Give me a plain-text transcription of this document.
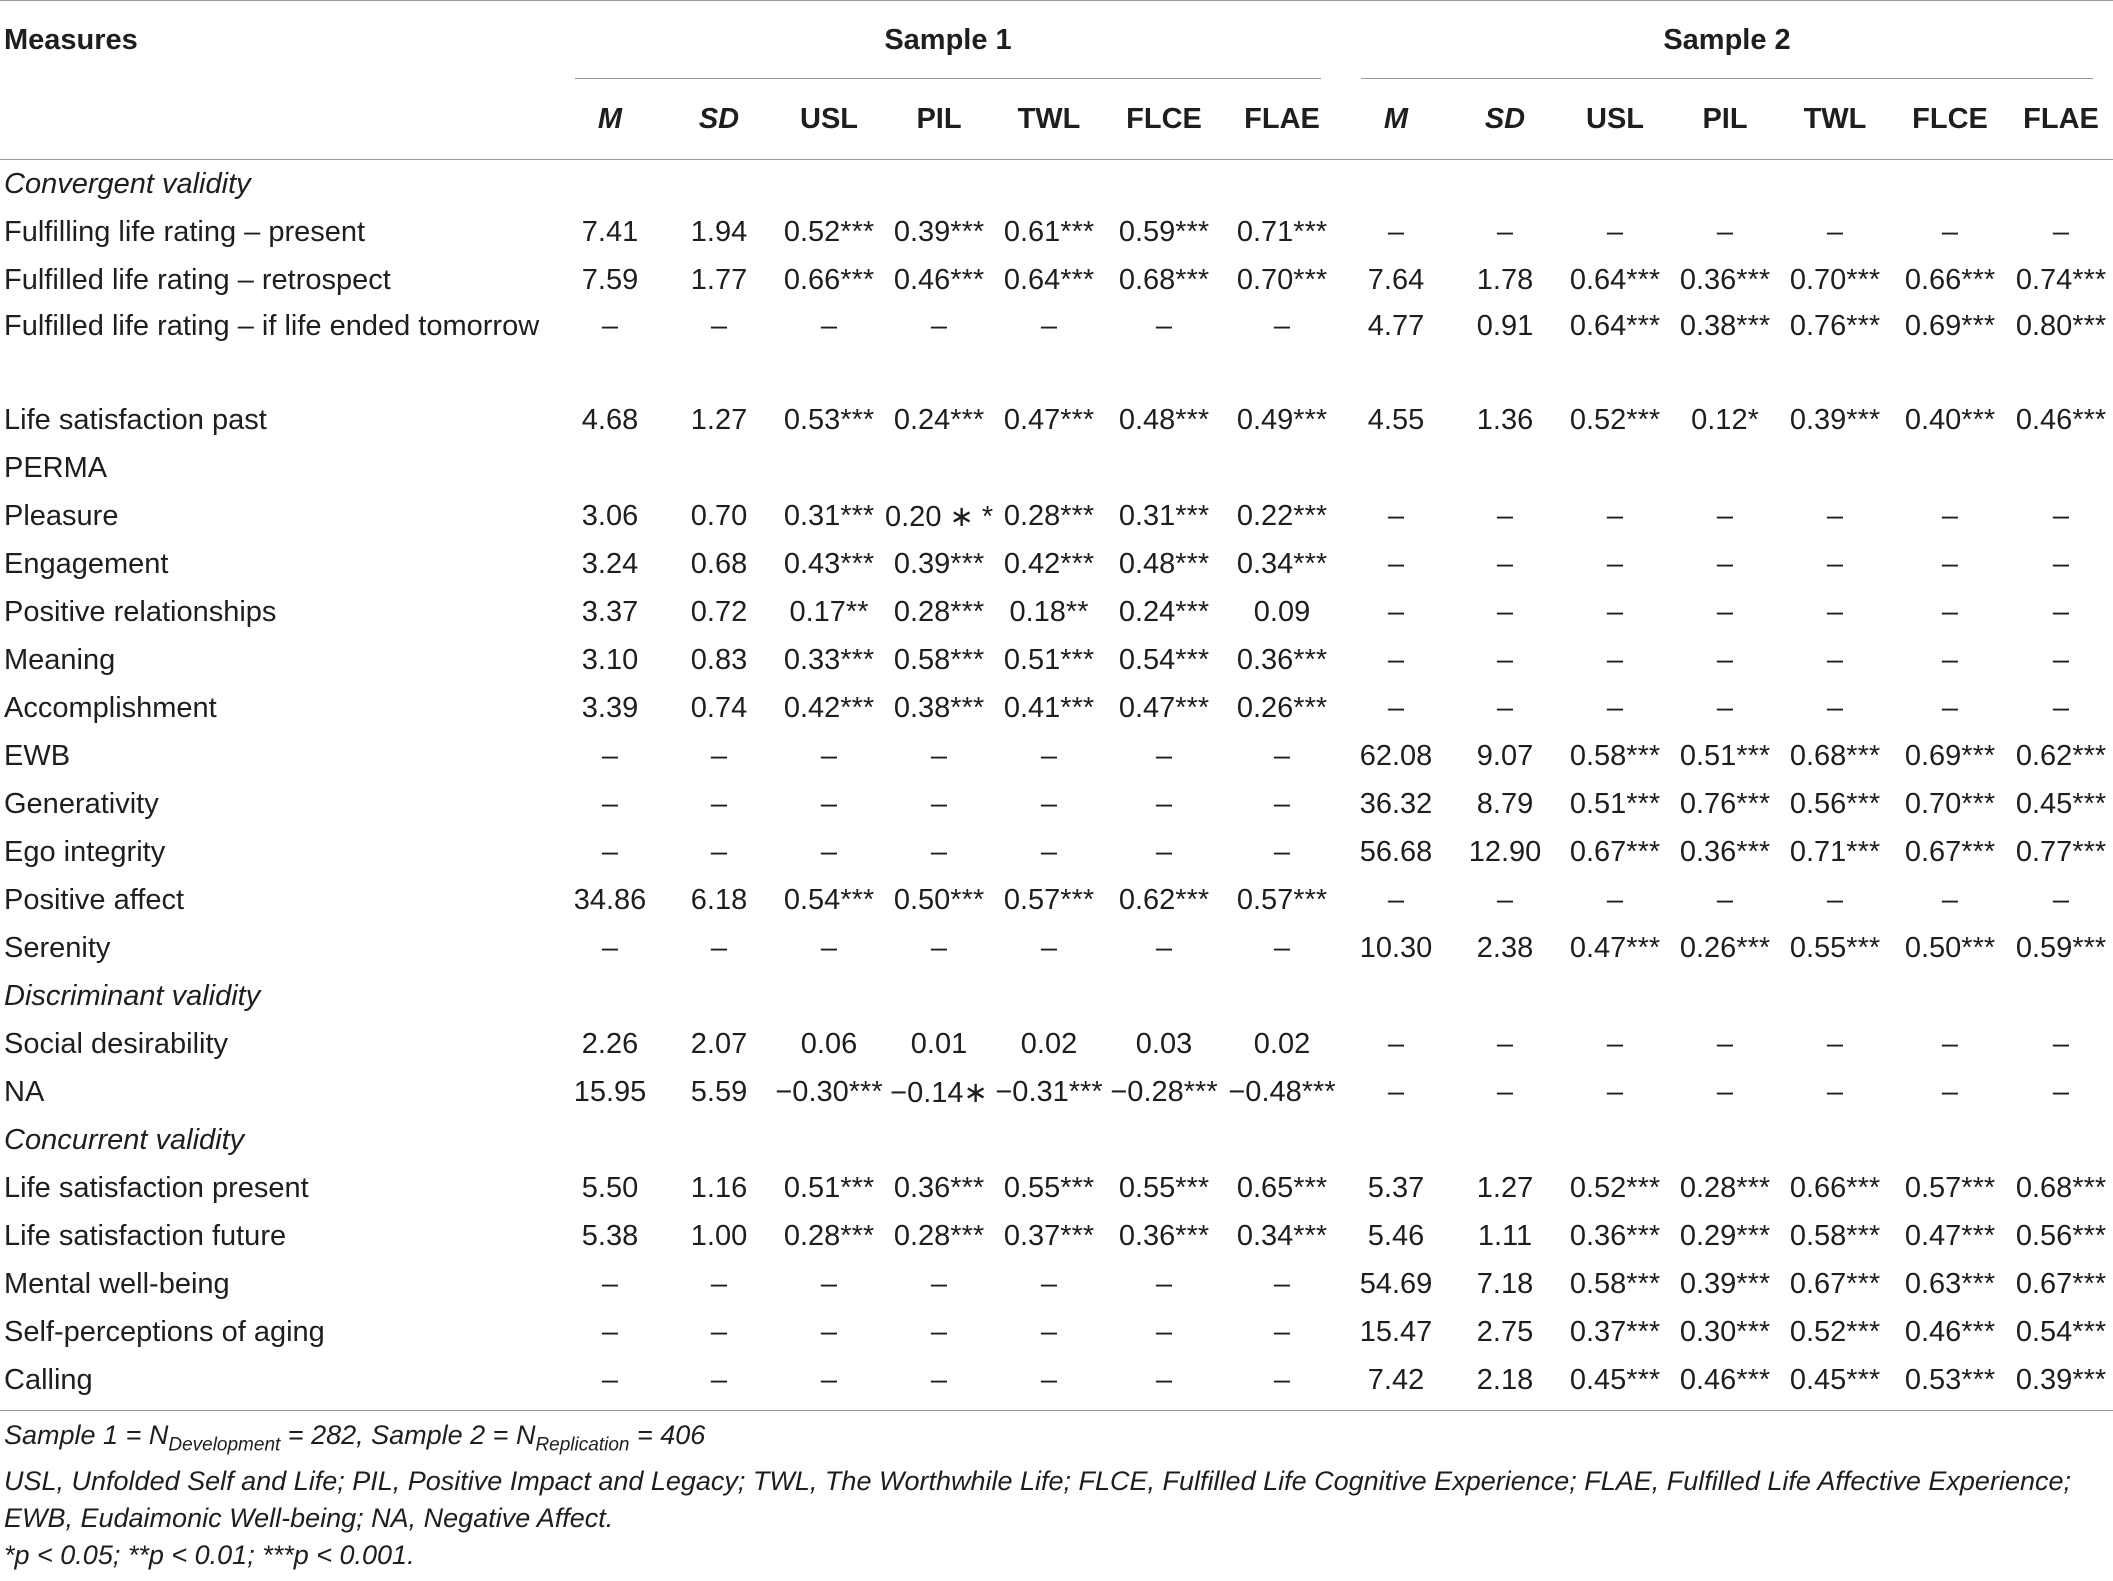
Measures	Sample 1							Sample 2						

	M	SD	USL	PIL	TWL	FLCE	FLAE	M	SD	USL	PIL	TWL	FLCE	FLAE
Convergent validity														
Fulfilling life rating – present	7.41	1.94	0.52***	0.39***	0.61***	0.59***	0.71***	–	–	–	–	–	–	–
Fulfilled life rating – retrospect	7.59	1.77	0.66***	0.46***	0.64***	0.68***	0.70***	7.64	1.78	0.64***	0.36***	0.70***	0.66***	0.74***
Fulfilled life rating – if life ended tomorrow	–	–	–	–	–	–	–	4.77	0.91	0.64***	0.38***	0.76***	0.69***	0.80***
Life satisfaction past	4.68	1.27	0.53***	0.24***	0.47***	0.48***	0.49***	4.55	1.36	0.52***	0.12*	0.39***	0.40***	0.46***
PERMA														
Pleasure	3.06	0.70	0.31***	0.20 ∗ *	0.28***	0.31***	0.22***	–	–	–	–	–	–	–
Engagement	3.24	0.68	0.43***	0.39***	0.42***	0.48***	0.34***	–	–	–	–	–	–	–
Positive relationships	3.37	0.72	0.17**	0.28***	0.18**	0.24***	0.09	–	–	–	–	–	–	–
Meaning	3.10	0.83	0.33***	0.58***	0.51***	0.54***	0.36***	–	–	–	–	–	–	–
Accomplishment	3.39	0.74	0.42***	0.38***	0.41***	0.47***	0.26***	–	–	–	–	–	–	–
EWB	–	–	–	–	–	–	–	62.08	9.07	0.58***	0.51***	0.68***	0.69***	0.62***
Generativity	–	–	–	–	–	–	–	36.32	8.79	0.51***	0.76***	0.56***	0.70***	0.45***
Ego integrity	–	–	–	–	–	–	–	56.68	12.90	0.67***	0.36***	0.71***	0.67***	0.77***
Positive affect	34.86	6.18	0.54***	0.50***	0.57***	0.62***	0.57***	–	–	–	–	–	–	–
Serenity	–	–	–	–	–	–	–	10.30	2.38	0.47***	0.26***	0.55***	0.50***	0.59***
Discriminant validity														
Social desirability	2.26	2.07	0.06	0.01	0.02	0.03	0.02	–	–	–	–	–	–	–
NA	15.95	5.59	−0.30***	−0.14∗	−0.31***	−0.28***	−0.48***	–	–	–	–	–	–	–
Concurrent validity														
Life satisfaction present	5.50	1.16	0.51***	0.36***	0.55***	0.55***	0.65***	5.37	1.27	0.52***	0.28***	0.66***	0.57***	0.68***
Life satisfaction future	5.38	1.00	0.28***	0.28***	0.37***	0.36***	0.34***	5.46	1.11	0.36***	0.29***	0.58***	0.47***	0.56***
Mental well-being	–	–	–	–	–	–	–	54.69	7.18	0.58***	0.39***	0.67***	0.63***	0.67***
Self-perceptions of aging	–	–	–	–	–	–	–	15.47	2.75	0.37***	0.30***	0.52***	0.46***	0.54***
Calling	–	–	–	–	–	–	–	7.42	2.18	0.45***	0.46***	0.45***	0.53***	0.39***
Sample $1 = N_{Development} = 282$, Sample $2 = N_{Replication} = 406$
USL, Unfolded Self and Life; PIL, Positive Impact and Legacy; TWL, The Worthwhile Life; FLCE, Fulfilled Life Cognitive Experience; FLAE, Fulfilled Life Affective Experience;
EWB, Eudaimonic Well-being; NA, Negative Affect.
*p < 0.05; **p < 0.01; ***p < 0.001.
